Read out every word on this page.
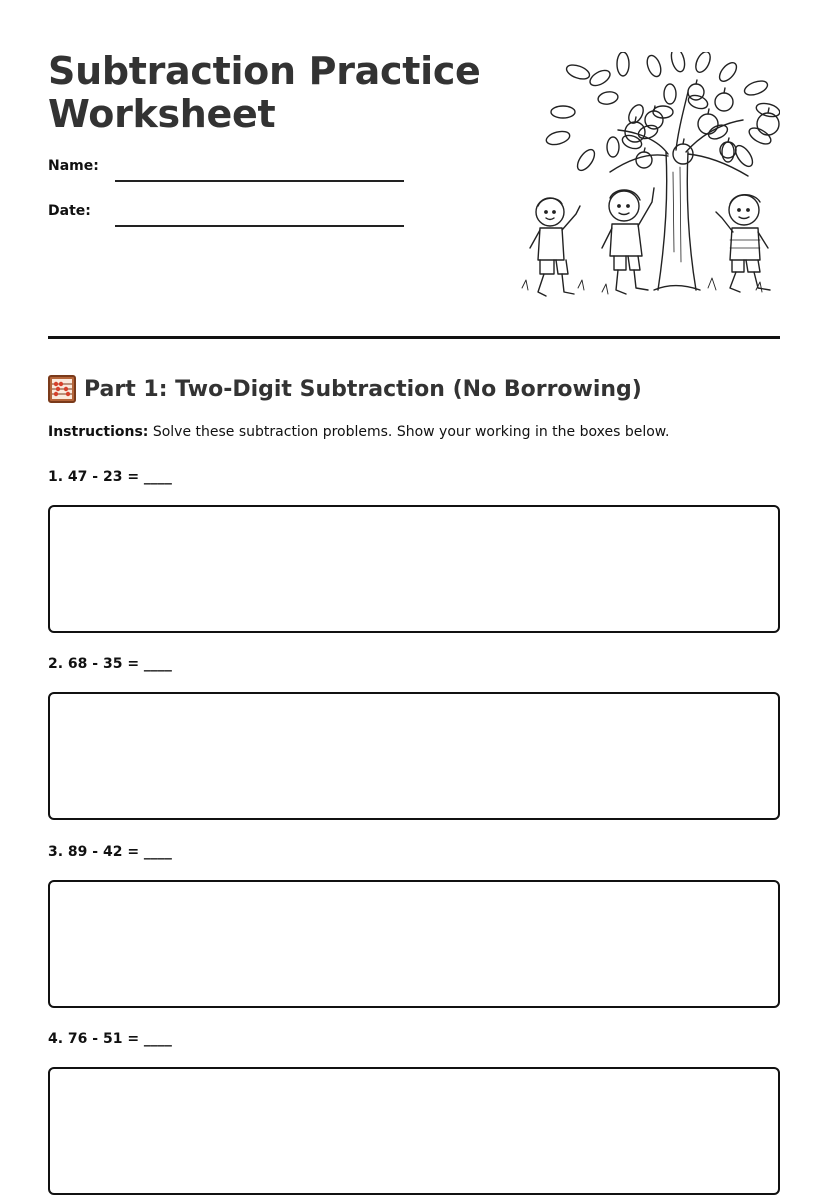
Subtraction Practice Worksheet
Name:
Date:
Part 1: Two-Digit Subtraction (No Borrowing)
Instructions: Solve these subtraction problems. Show your working in the boxes below.
1. 47 - 23 = ____
2. 68 - 35 = ____
3. 89 - 42 = ____
4. 76 - 51 = ____
